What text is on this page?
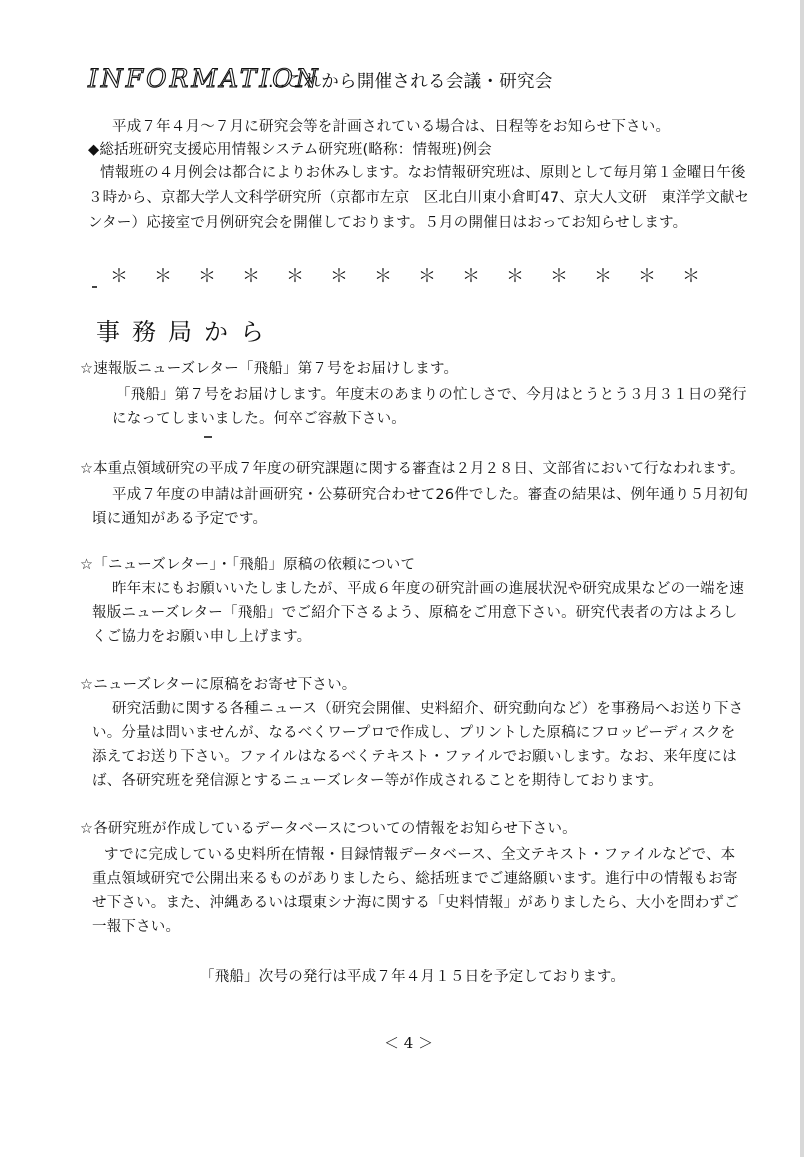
INFORMATION
….これから開催される会議・研究会
平成７年４月〜７月に研究会等を計画されている場合は、日程等をお知らせ下さい。
◆総括班研究支援応用情報システム研究班(略称：情報班)例会
情報班の４月例会は都合によりお休みします。なお情報研究班は、原則として毎月第１金曜日午後
３時から、京都大学人文科学研究所（京都市左京　区北白川東小倉町47、京大人文研　東洋学文献セ
ンター）応接室で月例研究会を開催しております。５月の開催日はおってお知らせします。
＊＊＊＊＊＊＊＊＊＊＊＊＊＊
事務局から
☆速報版ニューズレター「飛船」第７号をお届けします。
「飛船」第７号をお届けします。年度末のあまりの忙しさで、今月はとうとう３月３１日の発行
になってしまいました。何卒ご容赦下さい。
☆本重点領域研究の平成７年度の研究課題に関する審査は２月２８日、文部省において行なわれます。
平成７年度の申請は計画研究・公募研究合わせて26件でした。審査の結果は、例年通り５月初旬
頃に通知がある予定です。
☆「ニューズレター」・「飛船」原稿の依頼について
昨年末にもお願いいたしましたが、平成６年度の研究計画の進展状況や研究成果などの一端を速
報版ニューズレター「飛船」でご紹介下さるよう、原稿をご用意下さい。研究代表者の方はよろし
くご協力をお願い申し上げます。
☆ニューズレターに原稿をお寄せ下さい。
研究活動に関する各種ニュース（研究会開催、史料紹介、研究動向など）を事務局へお送り下さ
い。分量は問いませんが、なるべくワープロで作成し、プリントした原稿にフロッピーディスクを
添えてお送り下さい。ファイルはなるべくテキスト・ファイルでお願いします。なお、来年度には
ば、各研究班を発信源とするニューズレター等が作成されることを期待しております。
☆各研究班が作成しているデータベースについての情報をお知らせ下さい。
すでに完成している史料所在情報・目録情報データベース、全文テキスト・ファイルなどで、本
重点領域研究で公開出来るものがありましたら、総括班までご連絡願います。進行中の情報もお寄
せ下さい。また、沖縄あるいは環東シナ海に関する「史料情報」がありましたら、大小を問わずご
一報下さい。
「飛船」次号の発行は平成７年４月１５日を予定しております。
＜ 4 ＞
